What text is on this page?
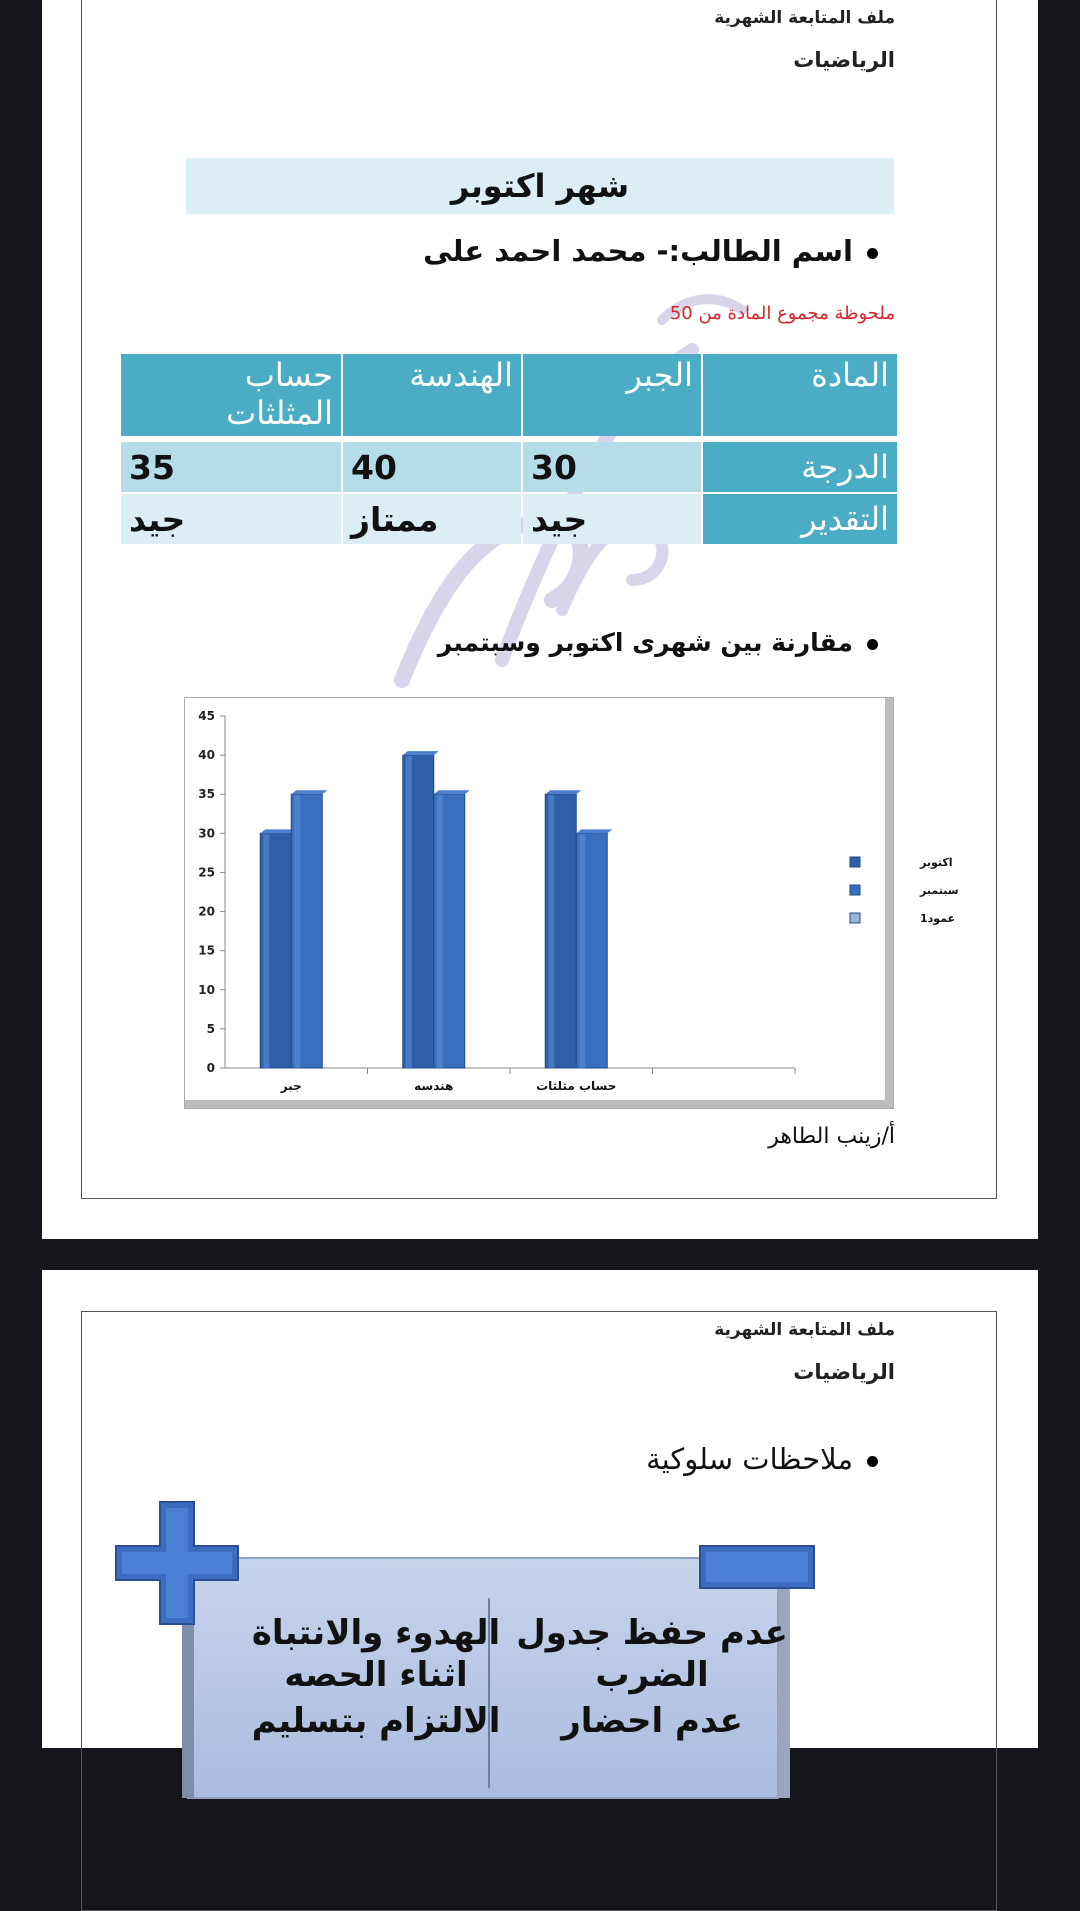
ملف المتابعة الشهرية
الرياضيات
شهر اكتوبر
اسم الطالب:- محمد احمد على
ملحوظة مجموع المادة من 50
المادة	الجبر	الهندسة	حساب المثلثات

الدرجة	30	40	35
التقدير	جيد	ممتاز	جيد
مقارنة بين شهرى اكتوبر وسبتمبر
0
5
10
15
20
25
30
35
40
45
جبر	هندسه	حساب مثلثات
اكتوبر
سبتمبر
عمود1
أ/زينب الطاهر
ملف المتابعة الشهرية
الرياضيات
ملاحظات سلوكية
عدم حفظ جدول
الضرب
عدم احضار
الهدوء والانتباة
اثناء الحصه
الالتزام بتسليم
